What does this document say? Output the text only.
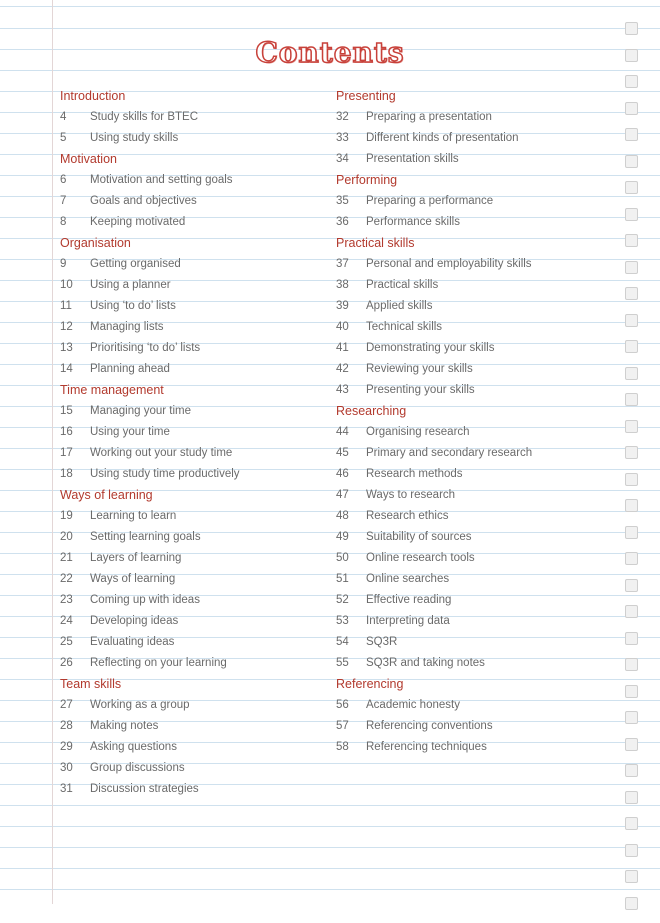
Contents
Introduction
4 Study skills for BTEC
5 Using study skills
Motivation
6 Motivation and setting goals
7 Goals and objectives
8 Keeping motivated
Organisation
9 Getting organised
10 Using a planner
11 Using ‘to do’ lists
12 Managing lists
13 Prioritising ‘to do’ lists
14 Planning ahead
Time management
15 Managing your time
16 Using your time
17 Working out your study time
18 Using study time productively
Ways of learning
19 Learning to learn
20 Setting learning goals
21 Layers of learning
22 Ways of learning
23 Coming up with ideas
24 Developing ideas
25 Evaluating ideas
26 Reflecting on your learning
Team skills
27 Working as a group
28 Making notes
29 Asking questions
30 Group discussions
31 Discussion strategies
Presenting
32 Preparing a presentation
33 Different kinds of presentation
34 Presentation skills
Performing
35 Preparing a performance
36 Performance skills
Practical skills
37 Personal and employability skills
38 Practical skills
39 Applied skills
40 Technical skills
41 Demonstrating your skills
42 Reviewing your skills
43 Presenting your skills
Researching
44 Organising research
45 Primary and secondary research
46 Research methods
47 Ways to research
48 Research ethics
49 Suitability of sources
50 Online research tools
51 Online searches
52 Effective reading
53 Interpreting data
54 SQ3R
55 SQ3R and taking notes
Referencing
56 Academic honesty
57 Referencing conventions
58 Referencing techniques
